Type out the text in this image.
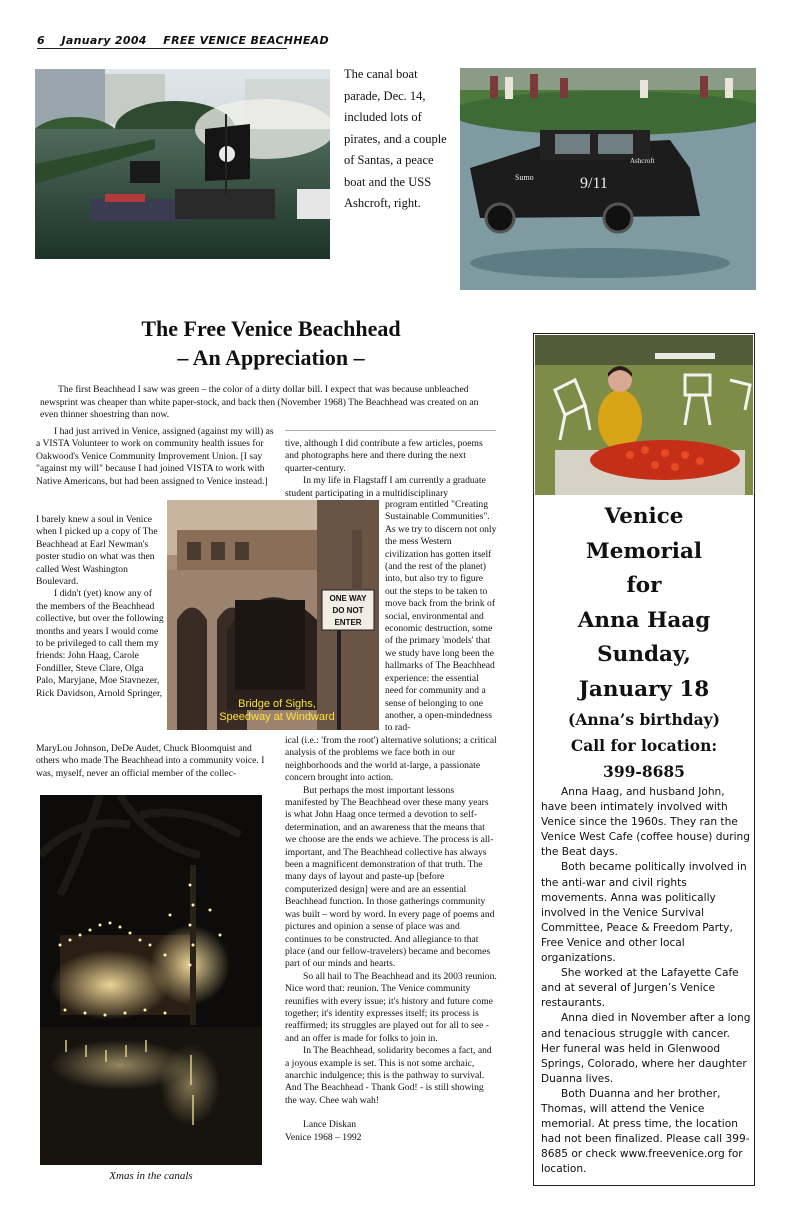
6 January 2004 FREE VENICE BEACHHEAD
The canal boat parade, Dec. 14, included lots of pirates, and a couple of Santas, a peace boat and the USS Ashcroft, right.
9/11
Sumo
Ashcroft
The Free Venice Beachhead
– An Appreciation –

The first Beachhead I saw was green – the color of a dirty dollar bill. I expect that was because unbleached newsprint was cheaper than white paper-stock, and back then (November 1968) The Beachhead was created on an even thinner shoestring than now.

I had just arrived in Venice, assigned (against my will) as a VISTA Volunteer to work on community health issues for Oakwood's Venice Community Improvement Union. [I say "against my will" because I had joined VISTA to work with Native Americans, but had been assigned to Venice instead.]

I barely knew a soul in Venice when I picked up a copy of The Beachhead at Earl Newman's poster studio on what was then called West Washington Boulevard.

I didn't (yet) know any of the members of the Beachhead collective, but over the following months and years I would come to be privileged to call them my friends: John Haag, Carole Fondiller, Steve Clare, Olga Palo, Maryjane, Moe Stavnezer, Rick Davidson, Arnold Springer,

MaryLou Johnson, DeDe Audet, Chuck Bloomquist and others who made The Beachhead into a community voice. I was, myself, never an official member of the collec-

tive, although I did contribute a few articles, poems and photographs here and there during the next quarter-century.

In my life in Flagstaff I am currently a graduate student participating in a multidisciplinary

program entitled "Creating Sustainable Communities". As we try to discern not only the mess Western civilization has gotten itself (and the rest of the planet) into, but also try to figure out the steps to be taken to move back from the brink of social, environmental and economic destruction, some of the primary 'models' that we study have long been the hallmarks of The Beachhead experience: the essential need for community and a sense of belonging to one another, a open-mindedness to rad-

ical (i.e.: 'from the root') alternative solutions; a critical analysis of the problems we face both in our neighborhoods and the world at-large, a passionate concern brought into action.

But perhaps the most important lessons manifested by The Beachhead over these many years is what John Haag once termed a devotion to self-determination, and an awareness that the means that we choose are the ends we achieve. The process is all-important, and The Beachhead collective has always been a magnificent demonstration of that truth. The many days of layout and paste-up [before computerized design] were and are an essential Beachhead function. In those gatherings community was built – word by word. In every page of poems and pictures and opinion a sense of place was and continues to be constructed. And allegiance to that place (and our fellow-travelers) became and becomes part of our minds and hearts.

So all hail to The Beachhead and its 2003 reunion. Nice word that: reunion. The Venice community reunifies with every issue; it's history and future come together; it's identity expresses itself; its process is reaffirmed; its struggles are played out for all to see - and an offer is made for folks to join in.

In The Beachhead, solidarity becomes a fact, and a joyous example is set. This is not some archaic, anarchic indulgence; this is the pathway to survival. And The Beachhead - Thank God! - is still showing the way. Chee wah wah!

Lance Diskan

Venice 1968 – 1992

ONE WAY
DO NOT
ENTER
Bridge of Sighs,
Speedway at Windward
Xmas in the canals
Venice
Memorial
for
Anna Haag
Sunday,
January 18
(Anna’s birthday)
Call for location:
399-8685

Anna Haag, and husband John, have been intimately involved with Venice since the 1960s. They ran the Venice West Cafe (coffee house) during the Beat days.

Both became politically involved in the anti-war and civil rights movements. Anna was politically involved in the Venice Survival Committee, Peace & Freedom Party, Free Venice and other local organizations.

She worked at the Lafayette Cafe and at several of Jurgen’s Venice restaurants.

Anna died in November after a long and tenacious struggle with cancer. Her funeral was held in Glenwood Springs, Colorado, where her daughter Duanna lives.

Both Duanna and her brother, Thomas, will attend the Venice memorial. At press time, the location had not been finalized. Please call 399-8685 or check www.freevenice.org for location.
